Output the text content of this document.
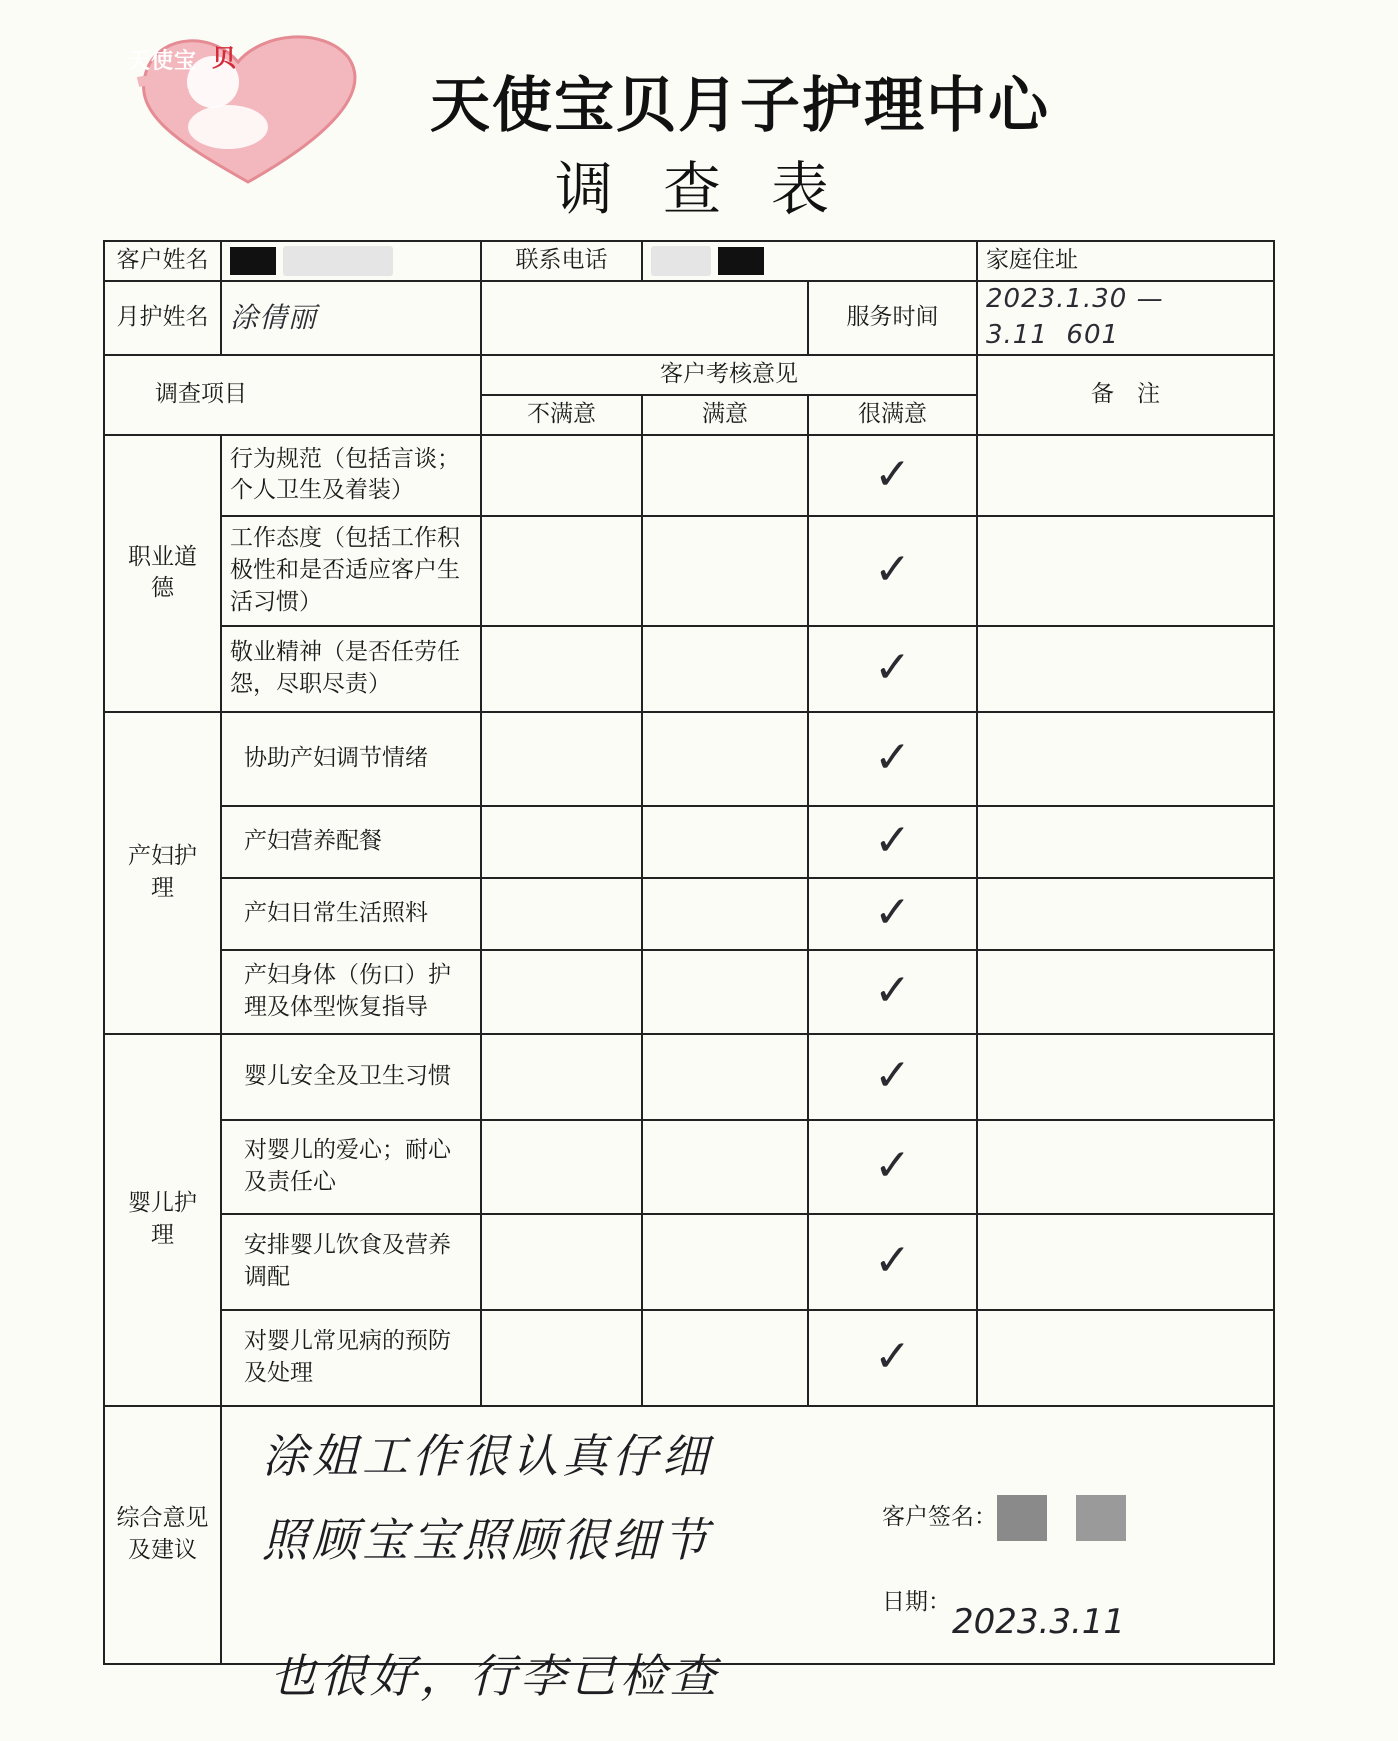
天使宝 贝
天使宝贝月子护理中心
调查表
客户姓名		联系电话			家庭住址
月护姓名	涂倩丽			服务时间	2023.1.30 — 3.11 601
调查项目		客户考核意见			备　注
		不满意	满意	很满意	
职业道德	行为规范（包括言谈；个人卫生及着装）			✓	
	工作态度（包括工作积极性和是否适应客户生活习惯）			✓	
	敬业精神（是否任劳任怨，尽职尽责）			✓	
产妇护理	协助产妇调节情绪			✓	
	产妇营养配餐			✓	
	产妇日常生活照料			✓	
	产妇身体（伤口）护理及体型恢复指导			✓	
婴儿护理	婴儿安全及卫生习惯			✓	
	对婴儿的爱心；耐心及责任心			✓	
	安排婴儿饮食及营养调配			✓	
	对婴儿常见病的预防及处理			✓	
综合意见及建议	涂姐工作很认真仔细
照顾宝宝照顾很细节 客户签名：
日期： 2023.3.11				
也很好，行李已检查
